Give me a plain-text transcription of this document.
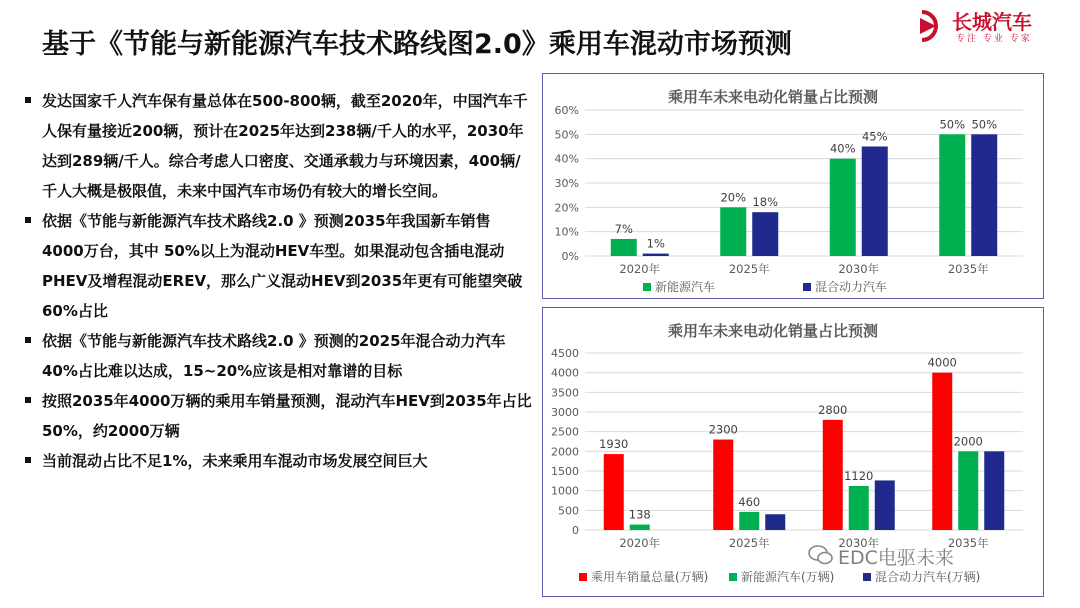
基于《节能与新能源汽车技术路线图2.0》乘用车混动市场预测
长城汽车
专注 专业 专家
发达国家千人汽车保有量总体在500-800辆，截至2020年，中国汽车千人保有量接近200辆，预计在2025年达到238辆/千人的水平，2030年达到289辆/千人。综合考虑人口密度、交通承载力与环境因素，400辆/千人大概是极限值，未来中国汽车市场仍有较大的增长空间。
依据《节能与新能源汽车技术路线2.0 》预测2035年我国新车销售 4000万台，其中 50%以上为混动HEV车型。如果混动包含插电混动PHEV及增程混动EREV，那么广义混动HEV到2035年更有可能望突破60%占比
依据《节能与新能源汽车技术路线2.0 》预测的2025年混合动力汽车40%占比难以达成，15~20%应该是相对靠谱的目标
按照2035年4000万辆的乘用车销量预测，混动汽车HEV到2035年占比50%，约2000万辆
当前混动占比不足1%，未来乘用车混动市场发展空间巨大
乘用车未来电动化销量占比预测
0%
10%
20%
30%
40%
50%
60%
2020年
7%
1%
2025年
20% 18%
2030年
40%
45%
2035年
50% 50%
新能源汽车	混合动力汽车
乘用车未来电动化销量占比预测
0
500
1000
1500
2000
2500
3000
3500
4000
4500
2020年
1930
138
2025年
2300
460
2030年
2800
1120
2035年
4000
2000
乘用车销量总量(万辆)	新能源汽车(万辆)	混合动力汽车(万辆)
EDC电驱未来
